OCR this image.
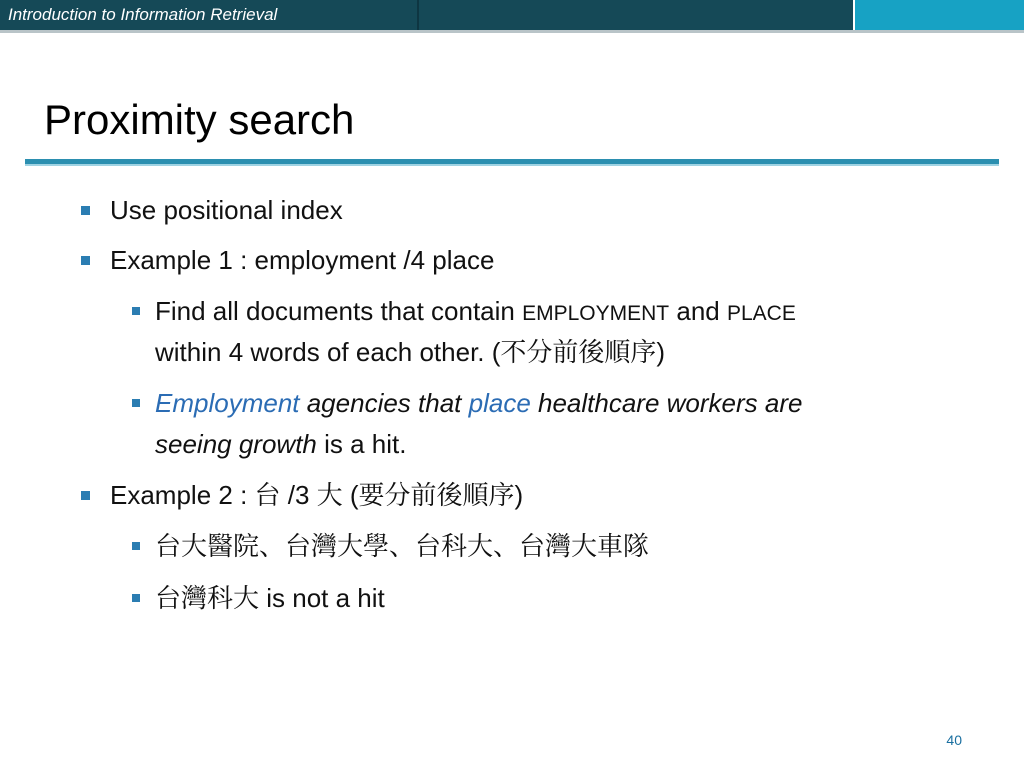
Introduction to Information Retrieval
Proximity search
Use positional index
Example 1 : employment /4 place
Find all documents that contain EMPLOYMENT and PLACE
within 4 words of each other. (不分前後順序)
Employment agencies that place healthcare workers are
seeing growth is a hit.
Example 2 : 台 /3 大 (要分前後順序)
台大醫院、台灣大學、台科大、台灣大車隊
台灣科大 is not a hit
40
